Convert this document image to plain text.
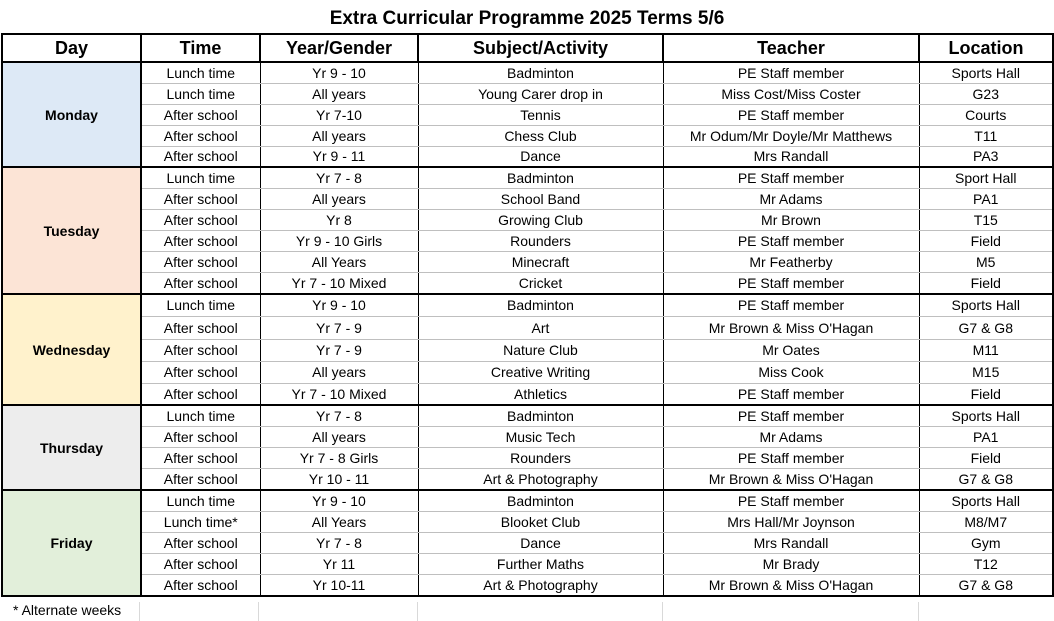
Extra Curricular Programme 2025 Terms 5/6
Day	Time	Year/Gender	Subject/Activity	Teacher	Location
Monday	Lunch time	Yr 9 - 10	Badminton	PE Staff member	Sports Hall
	Lunch time	All years	Young Carer drop in	Miss Cost/Miss Coster	G23
	After school	Yr 7-10	Tennis	PE Staff member	Courts
	After school	All years	Chess Club	Mr Odum/Mr Doyle/Mr Matthews	T11
	After school	Yr 9 - 11	Dance	Mrs Randall	PA3
Tuesday	Lunch time	Yr 7 - 8	Badminton	PE Staff member	Sport Hall
	After school	All years	School Band	Mr Adams	PA1
	After school	Yr 8	Growing Club	Mr Brown	T15
	After school	Yr 9 - 10 Girls	Rounders	PE Staff member	Field
	After school	All Years	Minecraft	Mr Featherby	M5
	After school	Yr 7 - 10 Mixed	Cricket	PE Staff member	Field
Wednesday	Lunch time	Yr 9 - 10	Badminton	PE Staff member	Sports Hall
	After school	Yr 7 - 9	Art	Mr Brown & Miss O'Hagan	G7 & G8
	After school	Yr 7 - 9	Nature Club	Mr Oates	M11
	After school	All years	Creative Writing	Miss Cook	M15
	After school	Yr 7 - 10 Mixed	Athletics	PE Staff member	Field
Thursday	Lunch time	Yr 7 - 8	Badminton	PE Staff member	Sports Hall
	After school	All years	Music Tech	Mr Adams	PA1
	After school	Yr 7 - 8 Girls	Rounders	PE Staff member	Field
	After school	Yr 10 - 11	Art & Photography	Mr Brown & Miss O'Hagan	G7 & G8
Friday	Lunch time	Yr 9 - 10	Badminton	PE Staff member	Sports Hall
	Lunch time*	All Years	Blooket Club	Mrs Hall/Mr Joynson	M8/M7
	After school	Yr 7 - 8	Dance	Mrs Randall	Gym
	After school	Yr 11	Further Maths	Mr Brady	T12
	After school	Yr 10-11	Art & Photography	Mr Brown & Miss O'Hagan	G7 & G8
* Alternate weeks
